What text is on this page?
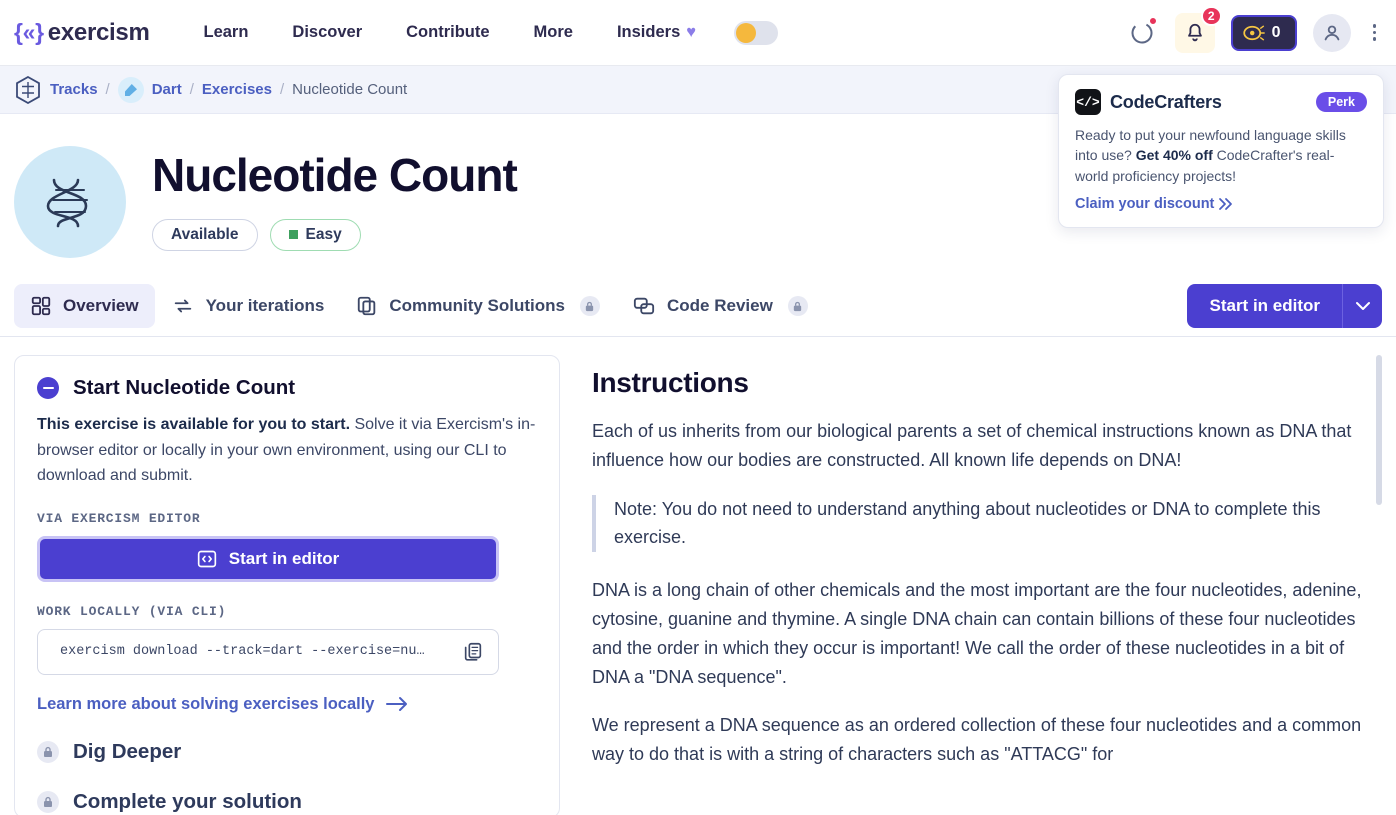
{«} exercism	Learn	Discover	Contribute	More	Insiders ♥
2
0
Tracks /	Dart / Exercises / Nucleotide Count
</> CodeCrafters	Perk
Ready to put your newfound language skills into use? Get 40% off CodeCrafter's real-world proficiency projects!
Claim your discount
Nucleotide Count
Available	Easy
Overview	Your iterations	Community Solutions	Code Review	Start in editor
Start Nucleotide Count
This exercise is available for you to start. Solve it via Exercism's in-browser editor or locally in your own environment, using our CLI to download and submit.
VIA EXERCISM EDITOR
Start in editor
WORK LOCALLY (VIA CLI)
exercism download --track=dart --exercise=nu…
Learn more about solving exercises locally
Dig Deeper
Complete your solution
Instructions

Each of us inherits from our biological parents a set of chemical instructions known as DNA that influence how our bodies are constructed. All known life depends on DNA!

Note: You do not need to understand anything about nucleotides or DNA to complete this exercise.

DNA is a long chain of other chemicals and the most important are the four nucleotides, adenine, cytosine, guanine and thymine. A single DNA chain can contain billions of these four nucleotides and the order in which they occur is important! We call the order of these nucleotides in a bit of DNA a "DNA sequence".

We represent a DNA sequence as an ordered collection of these four nucleotides and a common way to do that is with a string of characters such as "ATTACG" for
